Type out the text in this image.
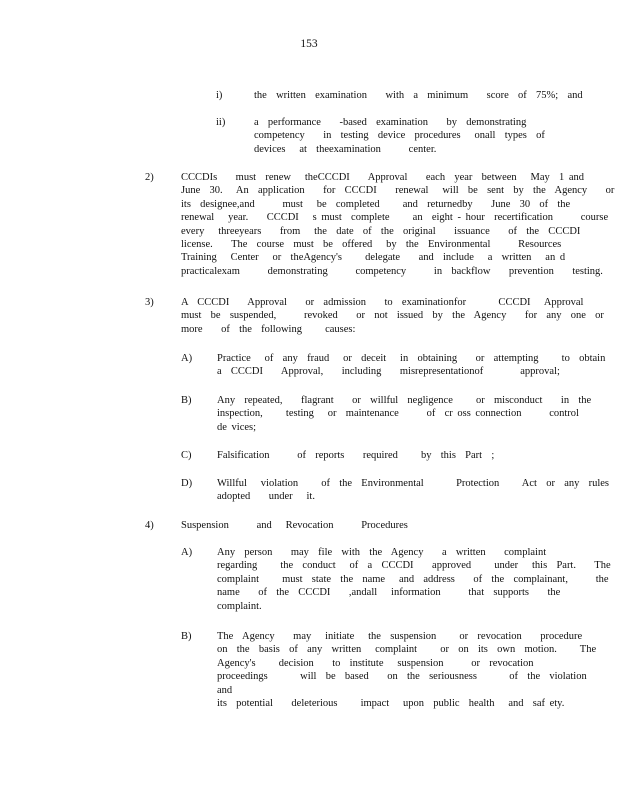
153
i)	the  written  examination    with  a  minimum    score  of  75%;  and

ii)	a  performance    -based  examination    by  demonstrating
competency    in  testing  device  procedures   onall  types  of
devices   at  theexamination      center.

2)	CCCDIs    must  renew   theCCCDI    Approval    each  year  between   May  1 and
June  30.   An  application    for  CCCDI    renewal   will  be  sent  by  the  Agency    or
its  designee,and      must   be  completed     and  returnedby    June  30  of  the
renewal   year.    CCCDI   s must  complete     an  eight - hour  recertification      course
every   threeyears    from   the  date  of  the  original    issuance    of  the  CCCDI
license.    The  course  must  be  offered   by  the  Environmental      Resources
Training   Center   or  theAgency's     delegate    and  include   a  written   an d
practicalexam      demonstrating      competency      in  backflow    prevention    testing.

3)	A  CCCDI    Approval    or  admission    to  examinationfor       CCCDI   Approval
must  be  suspended,      revoked    or  not  issued  by  the  Agency    for  any  one  or
more    of  the  following     causes:

A) Practice   of  any  fraud   or  deceit   in  obtaining    or  attempting     to  obtain
a  CCCDI    Approval,    including    misrepresentationof        approval;

B) Any  repeated,    flagrant    or  willful  negligence     or  misconduct    in  the
inspection,     testing   or  maintenance      of  cr oss connection      control
de vices;

C) Falsification      of  reports    required     by  this  Part  ;

D) Willful   violation     of  the  Environmental       Protection     Act  or  any  rules
adopted    under   it.

4)	Suspension      and   Revocation      Procedures

A) Any  person    may  file  with  the  Agency    a  written    complaint
regarding     the  conduct   of  a  CCCDI    approved     under   this  Part.    The
complaint     must  state  the  name   and  address    of  the  complainant,      the
name    of  the  CCCDI    ,andall   information      that  supports    the
complaint.

B) The  Agency    may   initiate   the  suspension     or  revocation    procedure
on  the  basis  of  any  written   complaint     or  on  its  own  motion.     The
Agency's     decision    to  institute   suspension      or  revocation
proceedings       will  be  based    on  the  seriousness       of  the  violation    and
its  potential    deleterious     impact   upon  public  health   and  saf ety.
